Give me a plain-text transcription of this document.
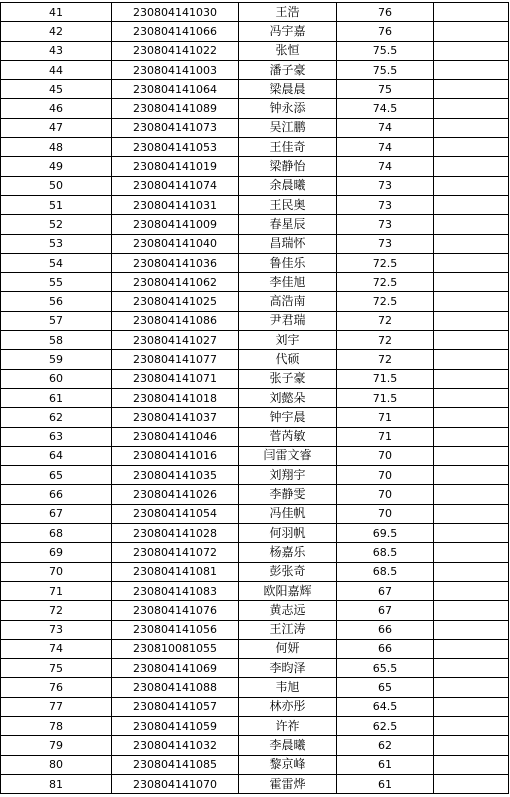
41	230804141030	王浩	76	
42	230804141066	冯宇嘉	76	
43	230804141022	张恒	75.5	
44	230804141003	潘子豪	75.5	
45	230804141064	梁晨晨	75	
46	230804141089	钟永添	74.5	
47	230804141073	吴江鹏	74	
48	230804141053	王佳奇	74	
49	230804141019	梁静怡	74	
50	230804141074	余晨曦	73	
51	230804141031	王民奥	73	
52	230804141009	春星辰	73	
53	230804141040	昌瑞怀	73	
54	230804141036	鲁佳乐	72.5	
55	230804141062	李佳旭	72.5	
56	230804141025	高浩南	72.5	
57	230804141086	尹君瑞	72	
58	230804141027	刘宇	72	
59	230804141077	代硕	72	
60	230804141071	张子豪	71.5	
61	230804141018	刘懿朵	71.5	
62	230804141037	钟宇晨	71	
63	230804141046	菅芮敏	71	
64	230804141016	闫雷文睿	70	
65	230804141035	刘翔宇	70	
66	230804141026	李静雯	70	
67	230804141054	冯佳帆	70	
68	230804141028	何羽帆	69.5	
69	230804141072	杨嘉乐	68.5	
70	230804141081	彭张奇	68.5	
71	230804141083	欧阳嘉辉	67	
72	230804141076	黄志远	67	
73	230804141056	王江涛	66	
74	230810081055	何妍	66	
75	230804141069	李昀泽	65.5	
76	230804141088	韦旭	65	
77	230804141057	林亦彤	64.5	
78	230804141059	许祚	62.5	
79	230804141032	李晨曦	62	
80	230804141085	黎京峰	61	
81	230804141070	霍雷烨	61	
